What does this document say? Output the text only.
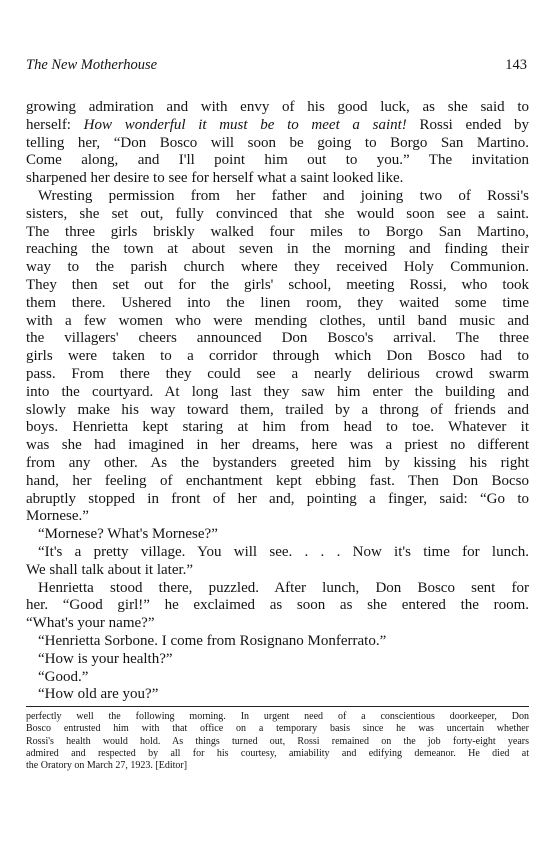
The New Motherhouse	143

growing admiration and with envy of his good luck, as she said to

herself: How wonderful it must be to meet a saint! Rossi ended by

telling her, “Don Bosco will soon be going to Borgo San Martino.

Come along, and I'll point him out to you.” The invitation

sharpened her desire to see for herself what a saint looked like.

Wresting permission from her father and joining two of Rossi's

sisters, she set out, fully convinced that she would soon see a saint.

The three girls briskly walked four miles to Borgo San Martino,

reaching the town at about seven in the morning and finding their

way to the parish church where they received Holy Communion.

They then set out for the girls' school, meeting Rossi, who took

them there. Ushered into the linen room, they waited some time

with a few women who were mending clothes, until band music and

the villagers' cheers announced Don Bosco's arrival. The three

girls were taken to a corridor through which Don Bosco had to

pass. From there they could see a nearly delirious crowd swarm

into the courtyard. At long last they saw him enter the building and

slowly make his way toward them, trailed by a throng of friends and

boys. Henrietta kept staring at him from head to toe. Whatever it

was she had imagined in her dreams, here was a priest no different

from any other. As the bystanders greeted him by kissing his right

hand, her feeling of enchantment kept ebbing fast. Then Don Bocso

abruptly stopped in front of her and, pointing a finger, said: “Go to

Mornese.”

“Mornese? What's Mornese?”

“It's a pretty village. You will see. . . . Now it's time for lunch.

We shall talk about it later.”

Henrietta stood there, puzzled. After lunch, Don Bosco sent for

her. “Good girl!” he exclaimed as soon as she entered the room.

“What's your name?”

“Henrietta Sorbone. I come from Rosignano Monferrato.”

“How is your health?”

“Good.”

“How old are you?”

perfectly well the following morning. In urgent need of a conscientious doorkeeper, Don

Bosco entrusted him with that office on a temporary basis since he was uncertain whether

Rossi's health would hold. As things turned out, Rossi remained on the job forty-eight years

admired and respected by all for his courtesy, amiability and edifying demeanor. He died at

the Oratory on March 27, 1923. [Editor]
